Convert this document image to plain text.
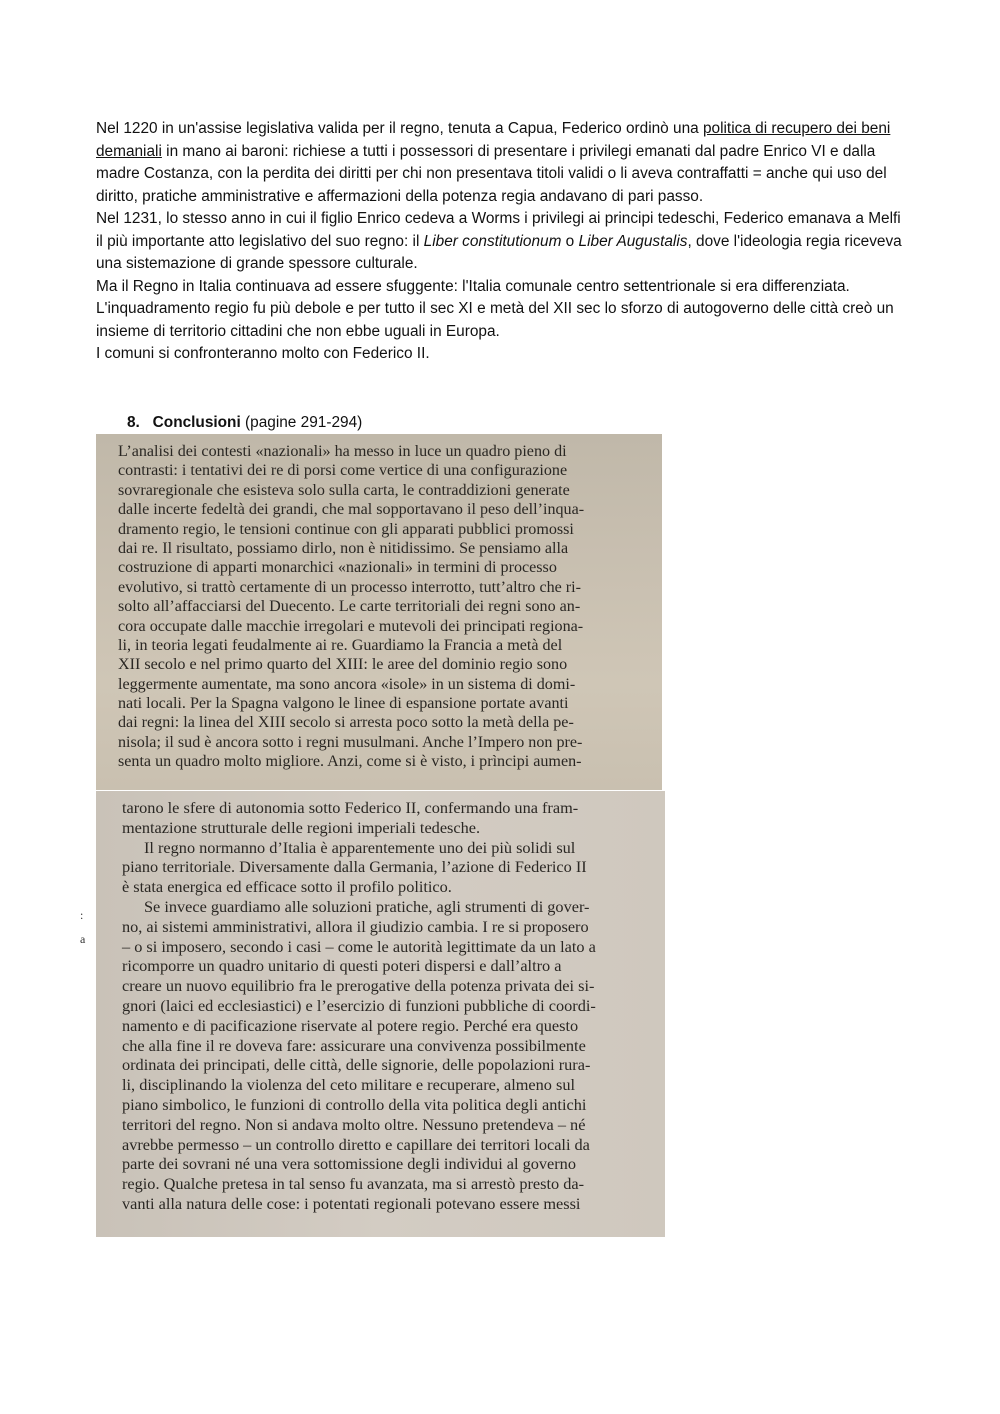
Nel 1220 in un'assise legislativa valida per il regno, tenuta a Capua, Federico ordinò una politica di recupero dei beni demaniali in mano ai baroni: richiese a tutti i possessori di presentare i privilegi emanati dal padre Enrico VI e dalla madre Costanza, con la perdita dei diritti per chi non presentava titoli validi o li aveva contraffatti = anche qui uso del diritto, pratiche amministrative e affermazioni della potenza regia andavano di pari passo.

Nel 1231, lo stesso anno in cui il figlio Enrico cedeva a Worms i privilegi ai principi tedeschi, Federico emanava a Melfi il più importante atto legislativo del suo regno: il Liber constitutionum o Liber Augustalis, dove l'ideologia regia riceveva una sistemazione di grande spessore culturale.

Ma il Regno in Italia continuava ad essere sfuggente: l'Italia comunale centro settentrionale si era differenziata. L'inquadramento regio fu più debole e per tutto il sec XI e metà del XII sec lo sforzo di autogoverno delle città creò un insieme di territorio cittadini che non ebbe uguali in Europa.

I comuni si confronteranno molto con Federico II.

8. Conclusioni (pagine 291-294)
L’analisi dei contesti «nazionali» ha messo in luce un quadro pieno di
contrasti: i tentativi dei re di porsi come vertice di una configurazione
sovraregionale che esisteva solo sulla carta, le contraddizioni generate
dalle incerte fedeltà dei grandi, che mal sopportavano il peso dell’inqua-
dramento regio, le tensioni continue con gli apparati pubblici promossi
dai re. Il risultato, possiamo dirlo, non è nitidissimo. Se pensiamo alla
costruzione di apparti monarchici «nazionali» in termini di processo
evolutivo, si trattò certamente di un processo interrotto, tutt’altro che ri-
solto all’affacciarsi del Duecento. Le carte territoriali dei regni sono an-
cora occupate dalle macchie irregolari e mutevoli dei principati regiona-
li, in teoria legati feudalmente ai re. Guardiamo la Francia a metà del
XII secolo e nel primo quarto del XIII: le aree del dominio regio sono
leggermente aumentate, ma sono ancora «isole» in un sistema di domi-
nati locali. Per la Spagna valgono le linee di espansione portate avanti
dai regni: la linea del XIII secolo si arresta poco sotto la metà della pe-
nisola; il sud è ancora sotto i regni musulmani. Anche l’Impero non pre-
senta un quadro molto migliore. Anzi, come si è visto, i prìncipi aumen-
tarono le sfere di autonomia sotto Federico II, confermando una fram-
mentazione strutturale delle regioni imperiali tedesche.
Il regno normanno d’Italia è apparentemente uno dei più solidi sul
piano territoriale. Diversamente dalla Germania, l’azione di Federico II
è stata energica ed efficace sotto il profilo politico.
Se invece guardiamo alle soluzioni pratiche, agli strumenti di gover-
no, ai sistemi amministrativi, allora il giudizio cambia. I re si proposero
– o si imposero, secondo i casi – come le autorità legittimate da un lato a
ricomporre un quadro unitario di questi poteri dispersi e dall’altro a
creare un nuovo equilibrio fra le prerogative della potenza privata dei si-
gnori (laici ed ecclesiastici) e l’esercizio di funzioni pubbliche di coordi-
namento e di pacificazione riservate al potere regio. Perché era questo
che alla fine il re doveva fare: assicurare una convivenza possibilmente
ordinata dei principati, delle città, delle signorie, delle popolazioni rura-
li, disciplinando la violenza del ceto militare e recuperare, almeno sul
piano simbolico, le funzioni di controllo della vita politica degli antichi
territori del regno. Non si andava molto oltre. Nessuno pretendeva – né
avrebbe permesso – un controllo diretto e capillare dei territori locali da
parte dei sovrani né una vera sottomissione degli individui al governo
regio. Qualche pretesa in tal senso fu avanzata, ma si arrestò presto da-
vanti alla natura delle cose: i potentati regionali potevano essere messi
:
a
